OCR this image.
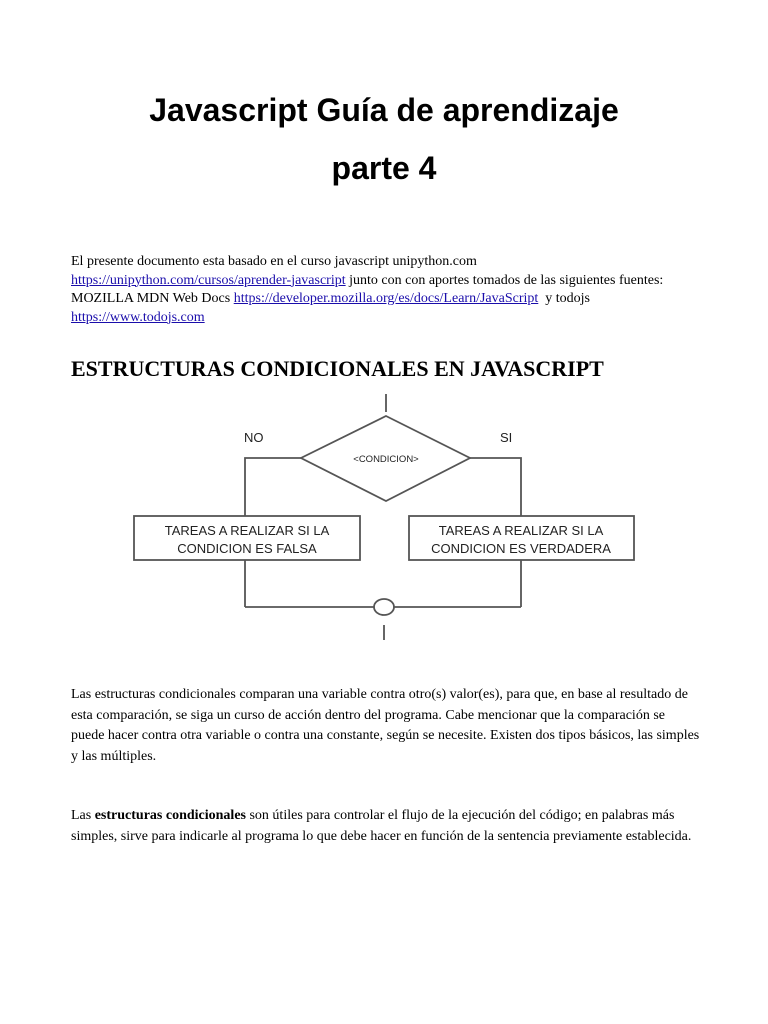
Javascript Guía de aprendizaje
parte 4
El presente documento esta basado en el curso javascript unipython.com  https://unipython.com/cursos/aprender-javascript junto con con aportes tomados de las siguientes fuentes: MOZILLA MDN Web Docs https://developer.mozilla.org/es/docs/Learn/JavaScript y todojs https://www.todojs.com
ESTRUCTURAS CONDICIONALES EN JAVASCRIPT
NO	SI
<CONDICION>
TAREAS A REALIZAR SI LA
CONDICION ES FALSA
TAREAS A REALIZAR SI LA
CONDICION ES VERDADERA
Las estructuras condicionales comparan una variable contra otro(s) valor(es), para que, en base al resultado de esta comparación, se siga un curso de acción dentro del programa. Cabe mencionar que la comparación se puede hacer contra otra variable o contra una constante, según se necesite. Existen dos tipos básicos, las simples y las múltiples.
Las estructuras condicionales son útiles para controlar el flujo de la ejecución del código; en palabras más simples, sirve para indicarle al programa lo que debe hacer en función de la sentencia previamente establecida.
